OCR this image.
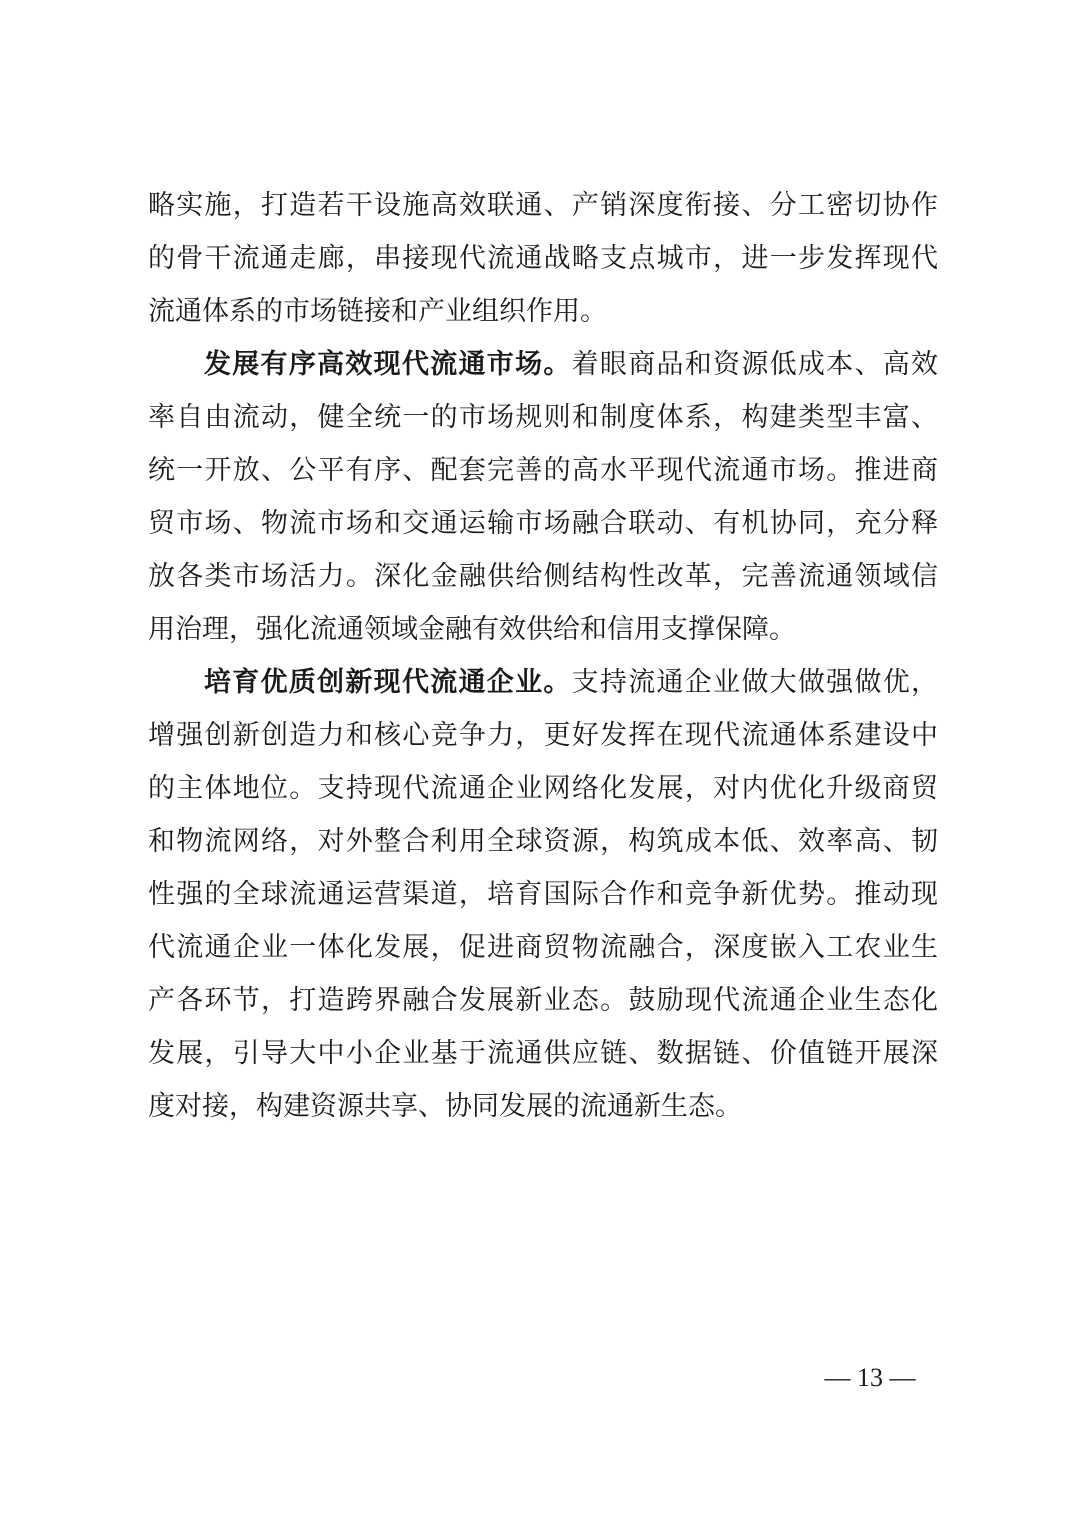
略实施，打造若干设施高效联通、产销深度衔接、分工密切协作
的骨干流通走廊，串接现代流通战略支点城市，进一步发挥现代
流通体系的市场链接和产业组织作用。
发展有序高效现代流通市场。着眼商品和资源低成本、高效
率自由流动，健全统一的市场规则和制度体系，构建类型丰富、
统一开放、公平有序、配套完善的高水平现代流通市场。推进商
贸市场、物流市场和交通运输市场融合联动、有机协同，充分释
放各类市场活力。深化金融供给侧结构性改革，完善流通领域信
用治理，强化流通领域金融有效供给和信用支撑保障。
培育优质创新现代流通企业。支持流通企业做大做强做优，
增强创新创造力和核心竞争力，更好发挥在现代流通体系建设中
的主体地位。支持现代流通企业网络化发展，对内优化升级商贸
和物流网络，对外整合利用全球资源，构筑成本低、效率高、韧
性强的全球流通运营渠道，培育国际合作和竞争新优势。推动现
代流通企业一体化发展，促进商贸物流融合，深度嵌入工农业生
产各环节，打造跨界融合发展新业态。鼓励现代流通企业生态化
发展，引导大中小企业基于流通供应链、数据链、价值链开展深
度对接，构建资源共享、协同发展的流通新生态。
— 13 —
